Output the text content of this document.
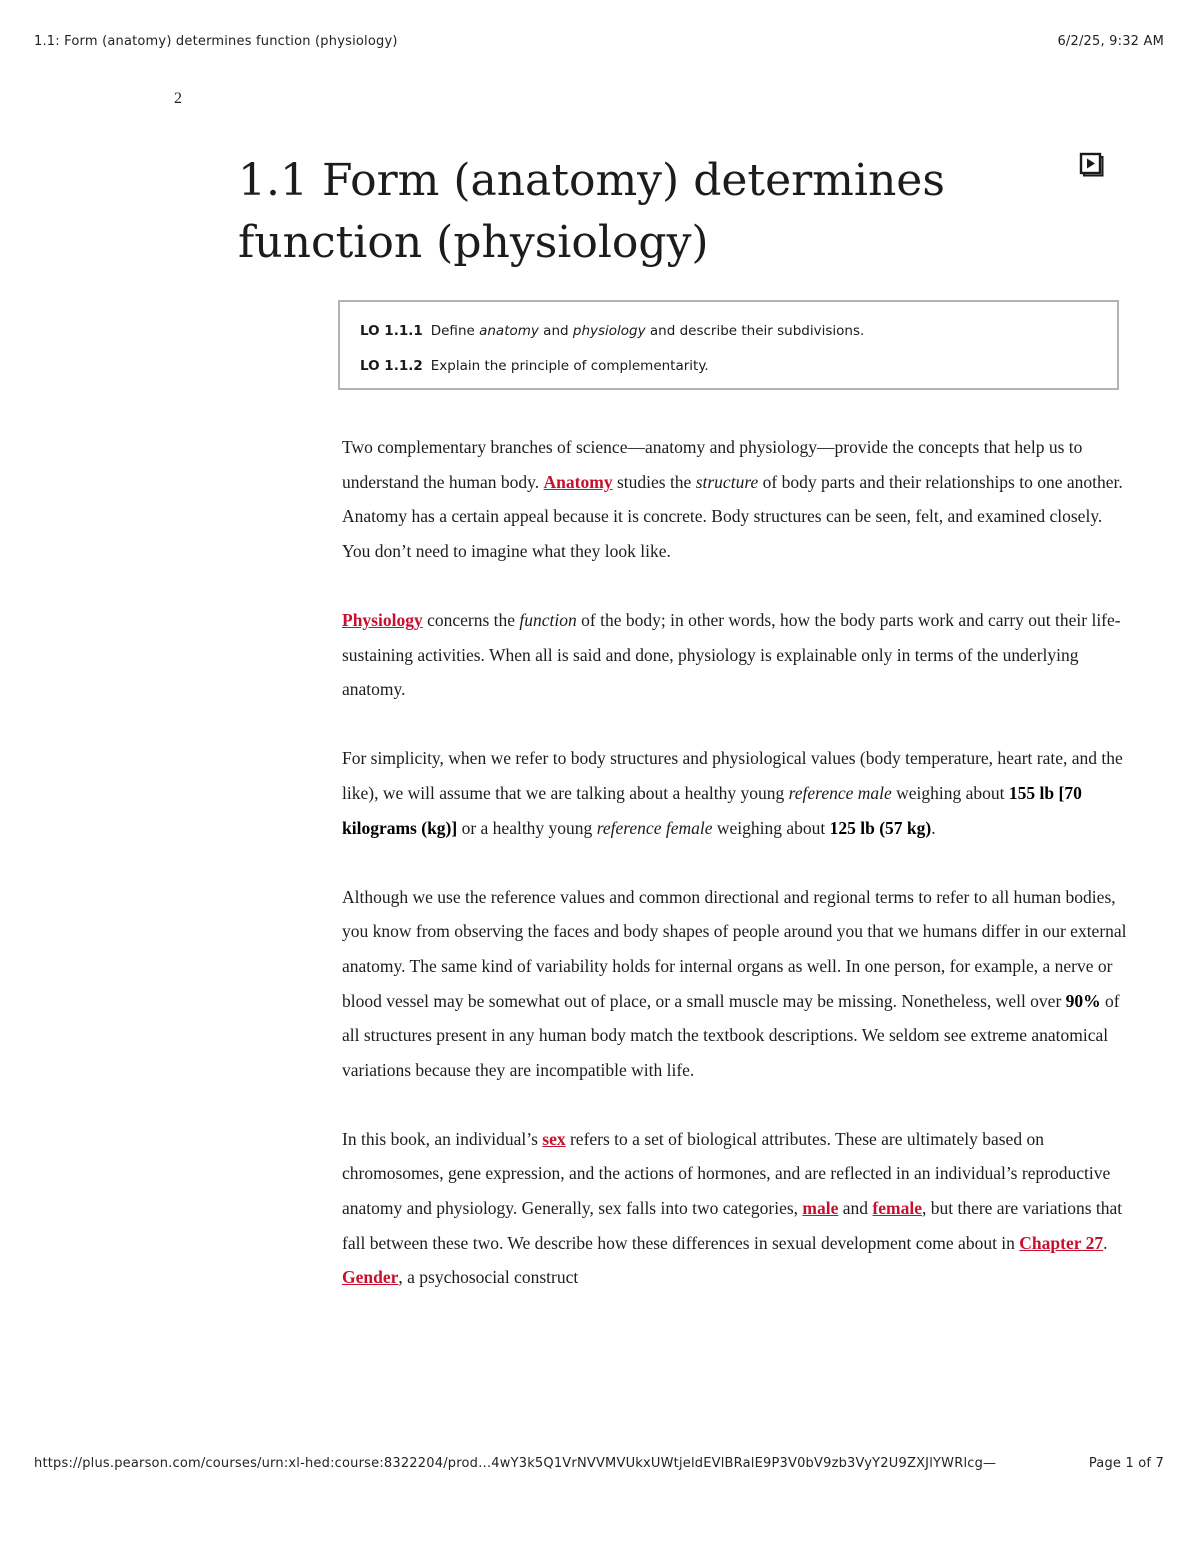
1.1: Form (anatomy) determines function (physiology)	6/2/25, 9:32 AM
2
1.1 Form (anatomy) determines function (physiology)
LO 1.1.1 Define anatomy and physiology and describe their subdivisions.
LO 1.1.2 Explain the principle of complementarity.

Two complementary branches of science—anatomy and physiology—provide the concepts that help us to understand the human body. Anatomy studies the structure of body parts and their relationships to one another. Anatomy has a certain appeal because it is concrete. Body structures can be seen, felt, and examined closely. You don’t need to imagine what they look like.

Physiology concerns the function of the body; in other words, how the body parts work and carry out their life-sustaining activities. When all is said and done, physiology is explainable only in terms of the underlying anatomy.

For simplicity, when we refer to body structures and physiological values (body temperature, heart rate, and the like), we will assume that we are talking about a healthy young reference male weighing about 155 lb [70 kilograms (kg)] or a healthy young reference female weighing about 125 lb (57 kg).

Although we use the reference values and common directional and regional terms to refer to all human bodies, you know from observing the faces and body shapes of people around you that we humans differ in our external anatomy. The same kind of variability holds for internal organs as well. In one person, for example, a nerve or blood vessel may be somewhat out of place, or a small muscle may be missing. Nonetheless, well over 90% of all structures present in any human body match the textbook descriptions. We seldom see extreme anatomical variations because they are incompatible with life.

In this book, an individual’s sex refers to a set of biological attributes. These are ultimately based on chromosomes, gene expression, and the actions of hormones, and are reflected in an individual’s reproductive anatomy and physiology. Generally, sex falls into two categories, male and female, but there are variations that fall between these two. We describe how these differences in sexual development come about in Chapter 27. Gender, a psychosocial construct

https://plus.pearson.com/courses/urn:xl-hed:course:8322204/prod…4wY3k5Q1VrNVVMVUkxUWtjeldEVlBRalE9P3V0bV9zb3VyY2U9ZXJlYWRlcg—	Page 1 of 7
